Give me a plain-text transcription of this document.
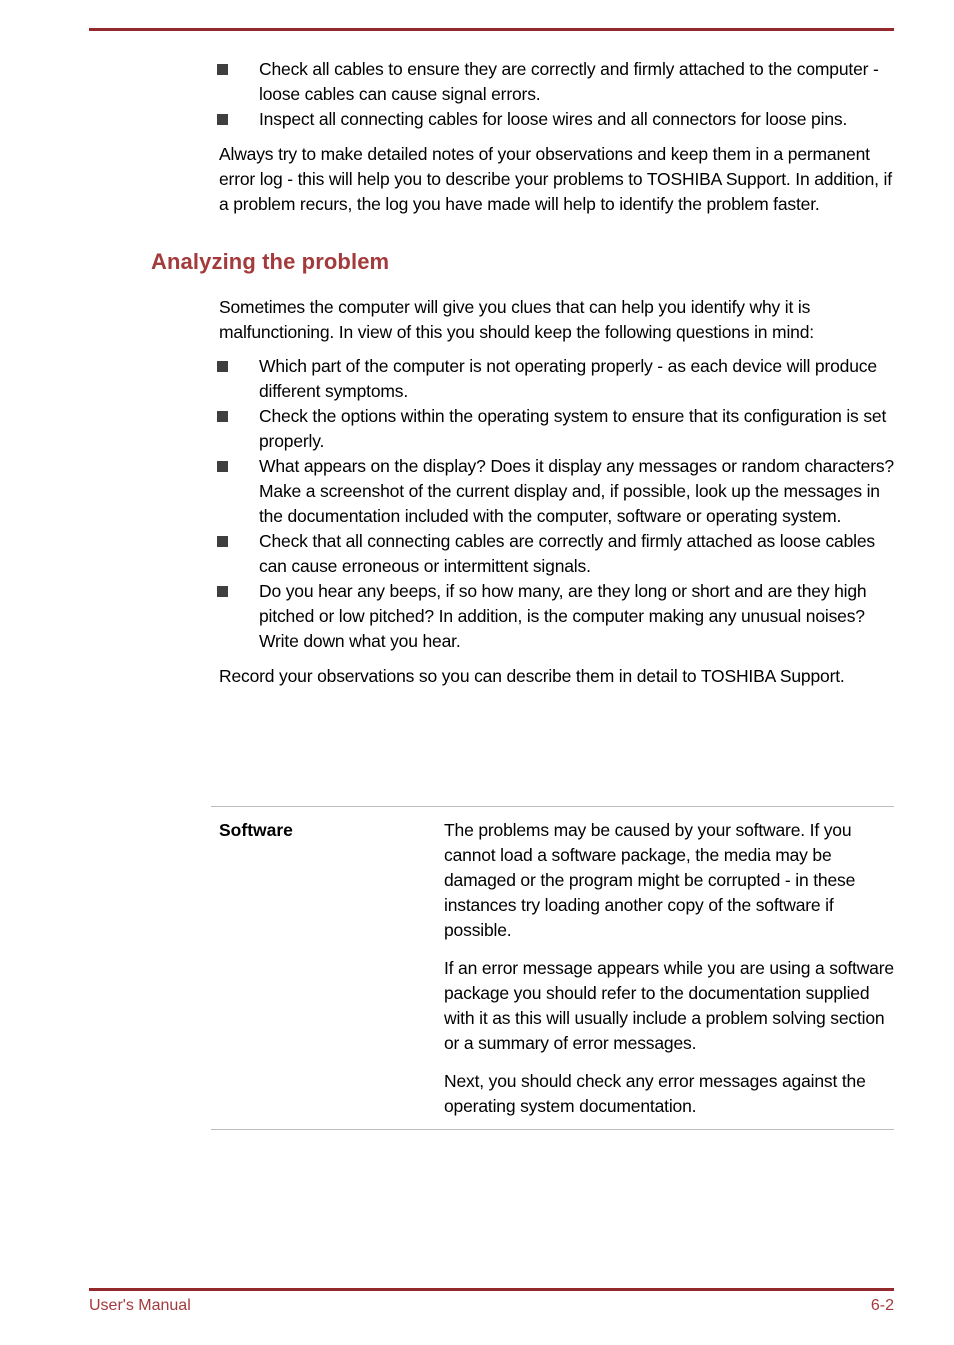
Check all cables to ensure they are correctly and firmly attached to the computer - loose cables can cause signal errors.
Inspect all connecting cables for loose wires and all connectors for loose pins.

Always try to make detailed notes of your observations and keep them in a permanent error log - this will help you to describe your problems to TOSHIBA Support. In addition, if a problem recurs, the log you have made will help to identify the problem faster.

Analyzing the problem

Sometimes the computer will give you clues that can help you identify why it is malfunctioning. In view of this you should keep the following questions in mind:

Which part of the computer is not operating properly - as each device will produce different symptoms.
Check the options within the operating system to ensure that its configuration is set properly.
What appears on the display? Does it display any messages or random characters? Make a screenshot of the current display and, if possible, look up the messages in the documentation included with the computer, software or operating system.
Check that all connecting cables are correctly and firmly attached as loose cables can cause erroneous or intermittent signals.
Do you hear any beeps, if so how many, are they long or short and are they high pitched or low pitched? In addition, is the computer making any unusual noises? Write down what you hear.

Record your observations so you can describe them in detail to TOSHIBA Support.

Software	The problems may be caused by your software. If you cannot load a software package, the media may be damaged or the program might be corrupted - in these instances try loading another copy of the software if possible.

If an error message appears while you are using a software package you should refer to the documentation supplied with it as this will usually include a problem solving section or a summary of error messages.

Next, you should check any error messages against the operating system documentation.

User's Manual	6-2
